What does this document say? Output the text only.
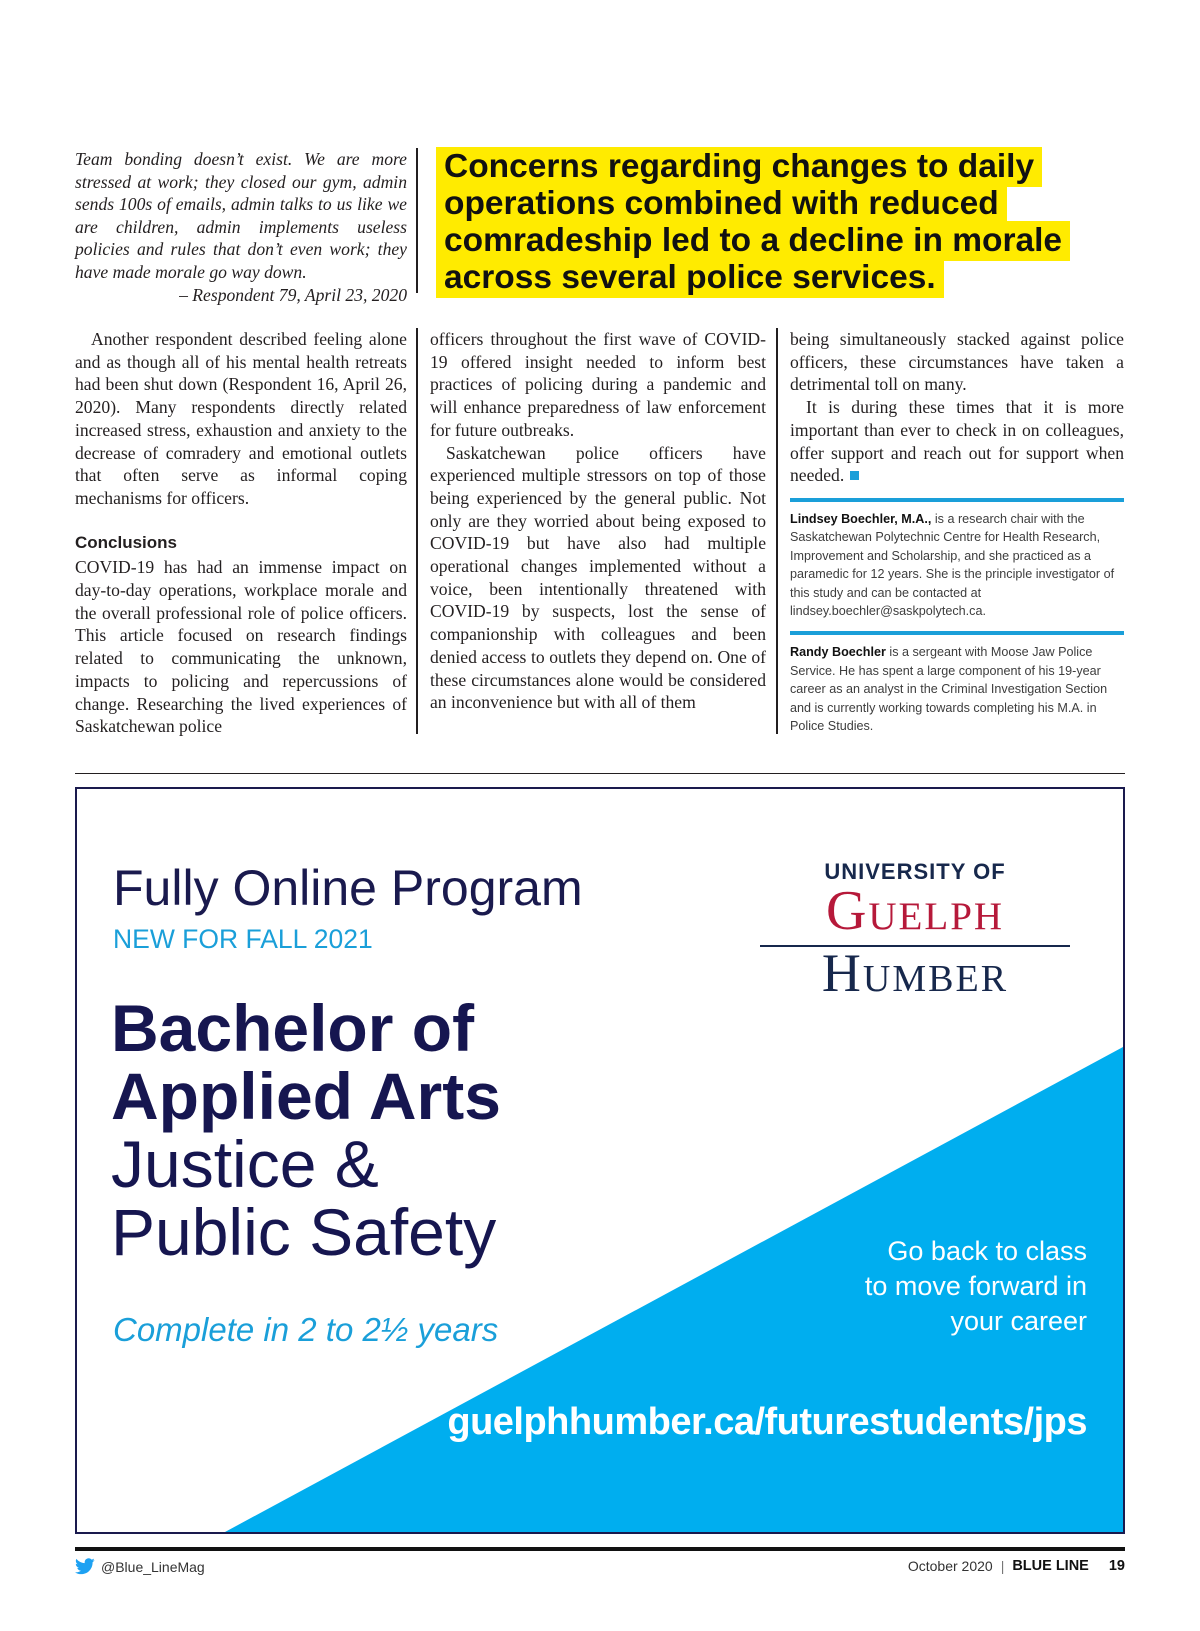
Team bonding doesn’t exist. We are more stressed at work; they closed our gym, admin sends 100s of emails, admin talks to us like we are children, admin implements useless policies and rules that don’t even work; they have made morale go way down.

– Respondent 79, April 23, 2020

Concerns regarding changes to daily operations combined with reduced comradeship led to a decline in morale across several police services.

Another respondent described feeling alone and as though all of his mental health retreats had been shut down (Respondent 16, April 26, 2020). Many respondents directly related increased stress, exhaustion and anxiety to the decrease of comradery and emotional outlets that often serve as informal coping mechanisms for officers.

Conclusions

COVID-19 has had an immense impact on day-to-day operations, workplace morale and the overall professional role of police officers. This article focused on research findings related to communicating the unknown, impacts to policing and repercussions of change. Researching the lived experiences of Saskatchewan police

officers throughout the first wave of COVID-19 offered insight needed to inform best practices of policing during a pandemic and will enhance preparedness of law enforcement for future outbreaks.

Saskatchewan police officers have experienced multiple stressors on top of those being experienced by the general public. Not only are they worried about being exposed to COVID-19 but have also had multiple operational changes implemented without a voice, been intentionally threatened with COVID-19 by suspects, lost the sense of companionship with colleagues and been denied access to outlets they depend on. One of these circumstances alone would be considered an inconvenience but with all of them

being simultaneously stacked against police officers, these circumstances have taken a detrimental toll on many.

It is during these times that it is more important than ever to check in on colleagues, offer support and reach out for support when needed.

Lindsey Boechler, M.A., is a research chair with the Saskatchewan Polytechnic Centre for Health Research, Improvement and Scholarship, and she practiced as a paramedic for 12 years. She is the principle investigator of this study and can be contacted at lindsey.boechler@saskpolytech.ca.

Randy Boechler is a sergeant with Moose Jaw Police Service. He has spent a large component of his 19-year career as an analyst in the Criminal Investigation Section and is currently working towards completing his M.A. in Police Studies.

Fully Online Program

NEW FOR FALL 2021

Bachelor of
Applied Arts
Justice &
Public Safety

Complete in 2 to 2½ years

UNIVERSITY OF

Guelph

Humber

Go back to class
to move forward in
your career

guelphhumber.ca/futurestudents/jps

@Blue_LineMag	October 2020 | BLUE LINE 19
